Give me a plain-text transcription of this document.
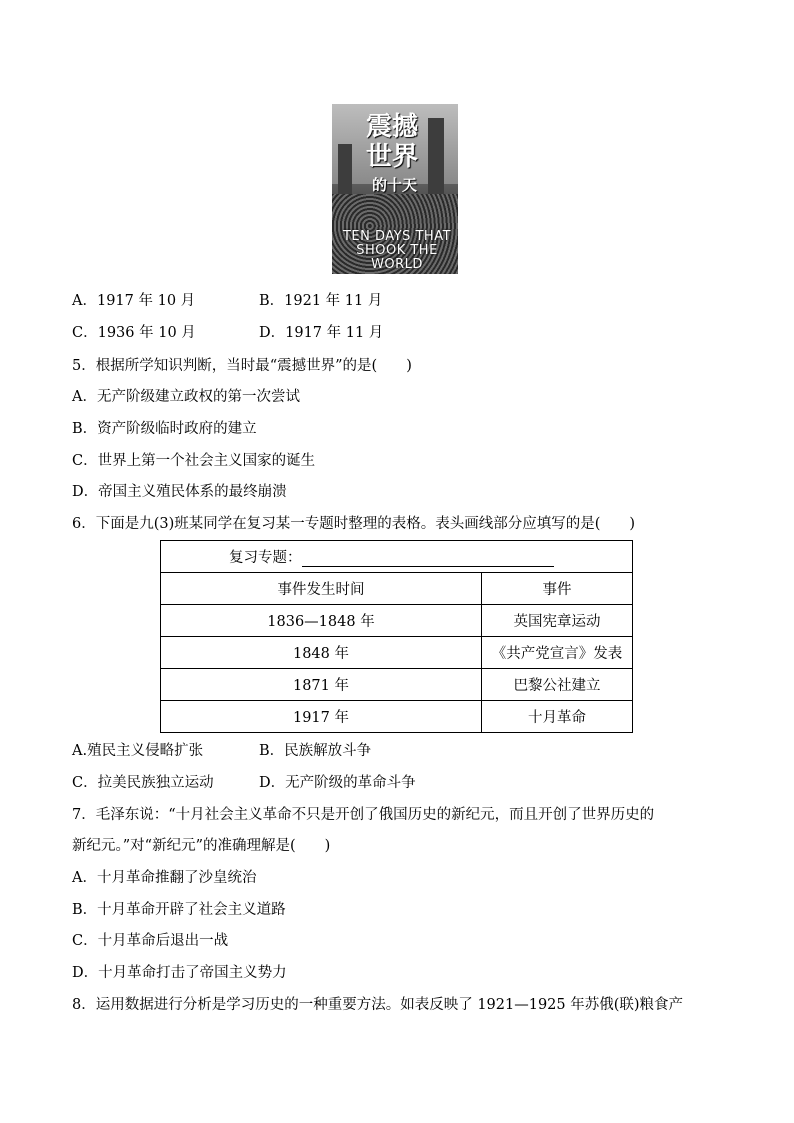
震撼
世界
的十天
TEN DAYS THAT
SHOOK THE WORLD
A．1917 年 10 月	B．1921 年 11 月
C．1936 年 10 月	D．1917 年 11 月
5．根据所学知识判断，当时最“震撼世界”的是(　　)
A．无产阶级建立政权的第一次尝试
B．资产阶级临时政府的建立
C．世界上第一个社会主义国家的诞生
D．帝国主义殖民体系的最终崩溃
6．下面是九(3)班某同学在复习某一专题时整理的表格。表头画线部分应填写的是(　　)
复习专题：	
事件发生时间	事件
1836—1848 年	英国宪章运动
1848 年	《共产党宣言》发表
1871 年	巴黎公社建立
1917 年	十月革命
A.殖民主义侵略扩张	B．民族解放斗争
C．拉美民族独立运动	D．无产阶级的革命斗争
7．毛泽东说：“十月社会主义革命不只是开创了俄国历史的新纪元，而且开创了世界历史的
新纪元。”对“新纪元”的准确理解是(　　)
A．十月革命推翻了沙皇统治
B．十月革命开辟了社会主义道路
C．十月革命后退出一战
D．十月革命打击了帝国主义势力
8．运用数据进行分析是学习历史的一种重要方法。如表反映了 1921—1925 年苏俄(联)粮食产
